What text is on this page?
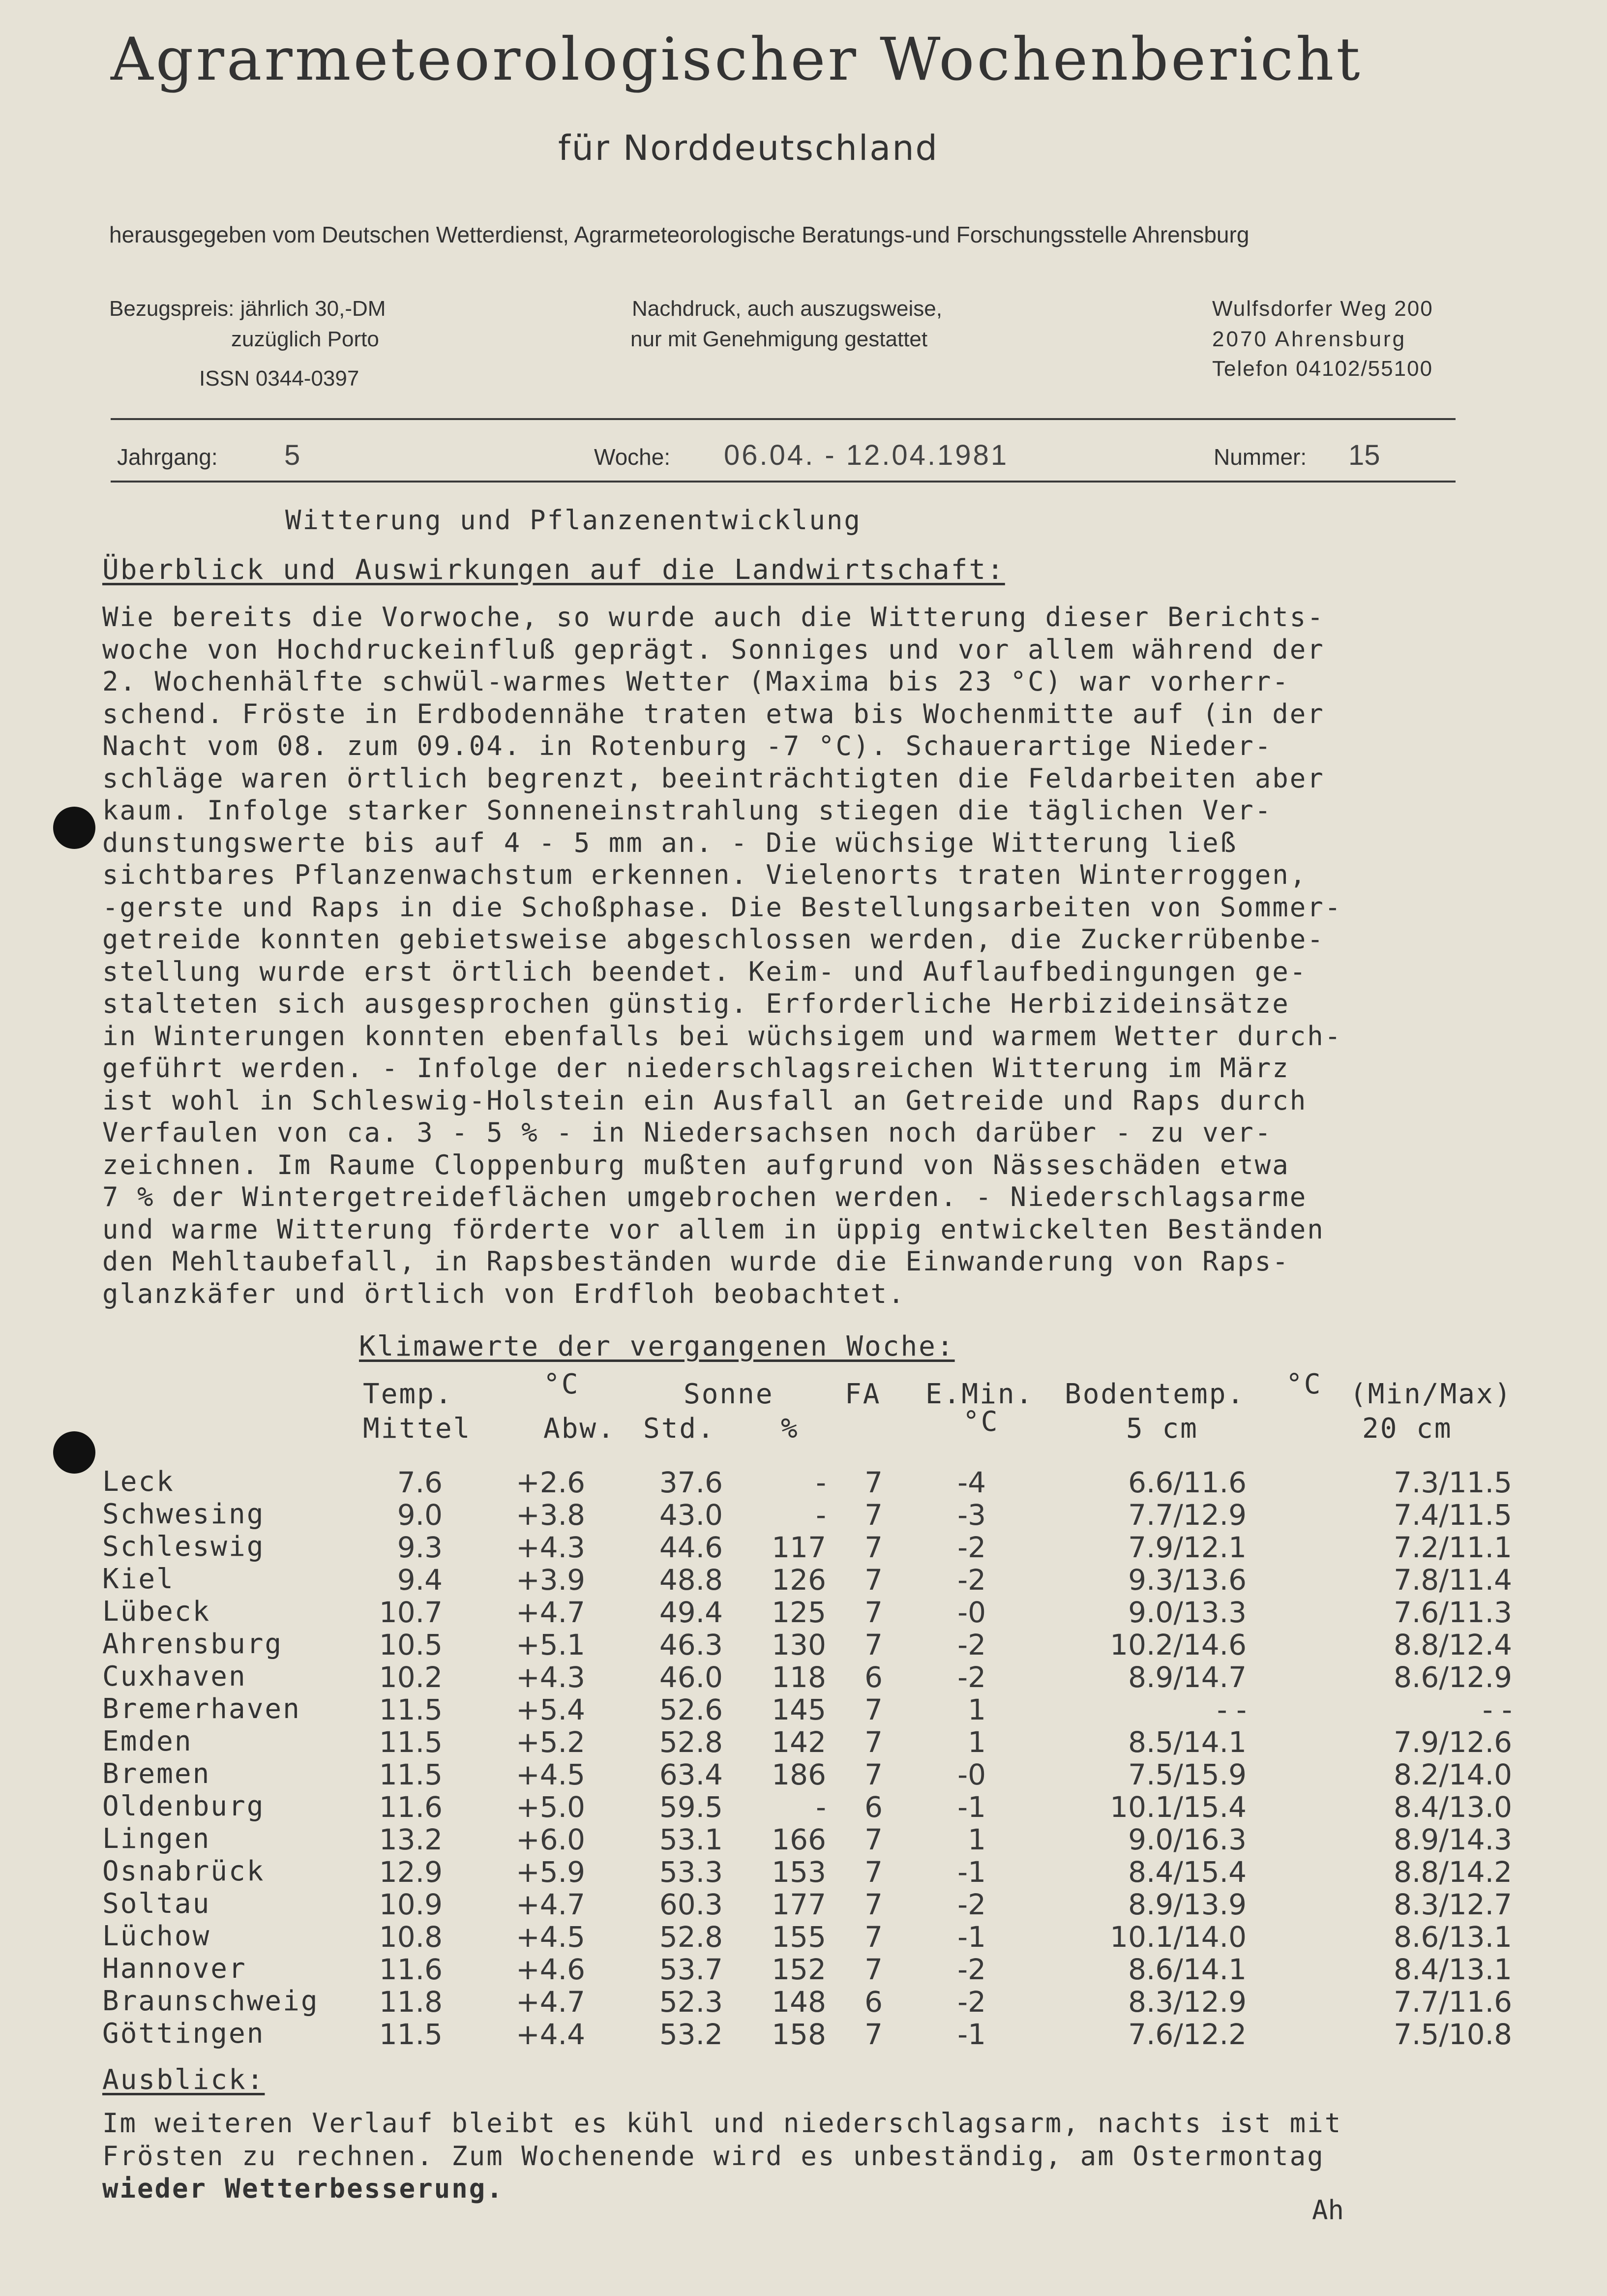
Agrarmeteorologischer Wochenbericht
für Norddeutschland
herausgegeben vom Deutschen Wetterdienst, Agrarmeteorologische Beratungs-und Forschungsstelle Ahrensburg
Bezugspreis: jährlich 30,-DM
zuzüglich Porto
ISSN 0344-0397
Nachdruck, auch auszugsweise,
nur mit Genehmigung gestattet
Wulfsdorfer Weg 200
2070 Ahrensburg
Telefon 04102/55100
Jahrgang: 5	Woche: 06.04. - 12.04.1981	Nummer: 15
Witterung und Pflanzenentwicklung
Überblick und Auswirkungen auf die Landwirtschaft:
Wie bereits die Vorwoche, so wurde auch die Witterung dieser Berichts-
woche von Hochdruckeinfluß geprägt. Sonniges und vor allem während der
2. Wochenhälfte schwül-warmes Wetter (Maxima bis 23 °C) war vorherr-
schend. Fröste in Erdbodennähe traten etwa bis Wochenmitte auf (in der
Nacht vom 08. zum 09.04. in Rotenburg -7 °C). Schauerartige Nieder-
schläge waren örtlich begrenzt, beeinträchtigten die Feldarbeiten aber
kaum. Infolge starker Sonneneinstrahlung stiegen die täglichen Ver-
dunstungswerte bis auf 4 - 5 mm an. - Die wüchsige Witterung ließ
sichtbares Pflanzenwachstum erkennen. Vielenorts traten Winterroggen,
-gerste und Raps in die Schoßphase. Die Bestellungsarbeiten von Sommer-
getreide konnten gebietsweise abgeschlossen werden, die Zuckerrübenbe-
stellung wurde erst örtlich beendet. Keim- und Auflaufbedingungen ge-
stalteten sich ausgesprochen günstig. Erforderliche Herbizideinsätze
in Winterungen konnten ebenfalls bei wüchsigem und warmem Wetter durch-
geführt werden. - Infolge der niederschlagsreichen Witterung im März
ist wohl in Schleswig-Holstein ein Ausfall an Getreide und Raps durch
Verfaulen von ca. 3 - 5 % - in Niedersachsen noch darüber - zu ver-
zeichnen. Im Raume Cloppenburg mußten aufgrund von Nässeschäden etwa
7 % der Wintergetreideflächen umgebrochen werden. - Niederschlagsarme
und warme Witterung förderte vor allem in üppig entwickelten Beständen
den Mehltaubefall, in Rapsbeständen wurde die Einwanderung von Raps-
glanzkäfer und örtlich von Erdfloh beobachtet.
Klimawerte der vergangenen Woche:
Temp.	°C	Sonne	FA E.Min. Bodentemp. °C (Min/Max)
Mittel	Abw. Std. %	°C	5 cm	20 cm
Leck	7.6	+2.6	37.6	- 7	-4	6.6/11.6	7.3/11.5
Schwesing	9.0	+3.8	43.0	- 7	-3	7.7/12.9	7.4/11.5
Schleswig	9.3	+4.3	44.6 117 7	-2	7.9/12.1	7.2/11.1
Kiel	9.4	+3.9	48.8 126 7	-2	9.3/13.6	7.8/11.4
Lübeck	10.7	+4.7	49.4 125 7	-0	9.0/13.3	7.6/11.3
Ahrensburg	10.5	+5.1	46.3 130 7	-2	10.2/14.6	8.8/12.4
Cuxhaven	10.2	+4.3	46.0 118 6	-2	8.9/14.7	8.6/12.9
Bremerhaven	11.5	+5.4	52.6 145 7	1	- -	- -
Emden	11.5	+5.2	52.8 142 7	1	8.5/14.1	7.9/12.6
Bremen	11.5	+4.5	63.4 186 7	-0	7.5/15.9	8.2/14.0
Oldenburg	11.6	+5.0	59.5	- 6	-1	10.1/15.4	8.4/13.0
Lingen	13.2	+6.0	53.1 166 7	1	9.0/16.3	8.9/14.3
Osnabrück	12.9	+5.9	53.3 153 7	-1	8.4/15.4	8.8/14.2
Soltau	10.9	+4.7	60.3 177 7	-2	8.9/13.9	8.3/12.7
Lüchow	10.8	+4.5	52.8 155 7	-1	10.1/14.0	8.6/13.1
Hannover	11.6	+4.6	53.7 152 7	-2	8.6/14.1	8.4/13.1
Braunschweig 11.8	+4.7	52.3 148 6	-2	8.3/12.9	7.7/11.6
Göttingen	11.5	+4.4	53.2 158 7	-1	7.6/12.2	7.5/10.8
Ausblick:
Im weiteren Verlauf bleibt es kühl und niederschlagsarm, nachts ist mit
Frösten zu rechnen. Zum Wochenende wird es unbeständig, am Ostermontag
wieder Wetterbesserung.
Ah
